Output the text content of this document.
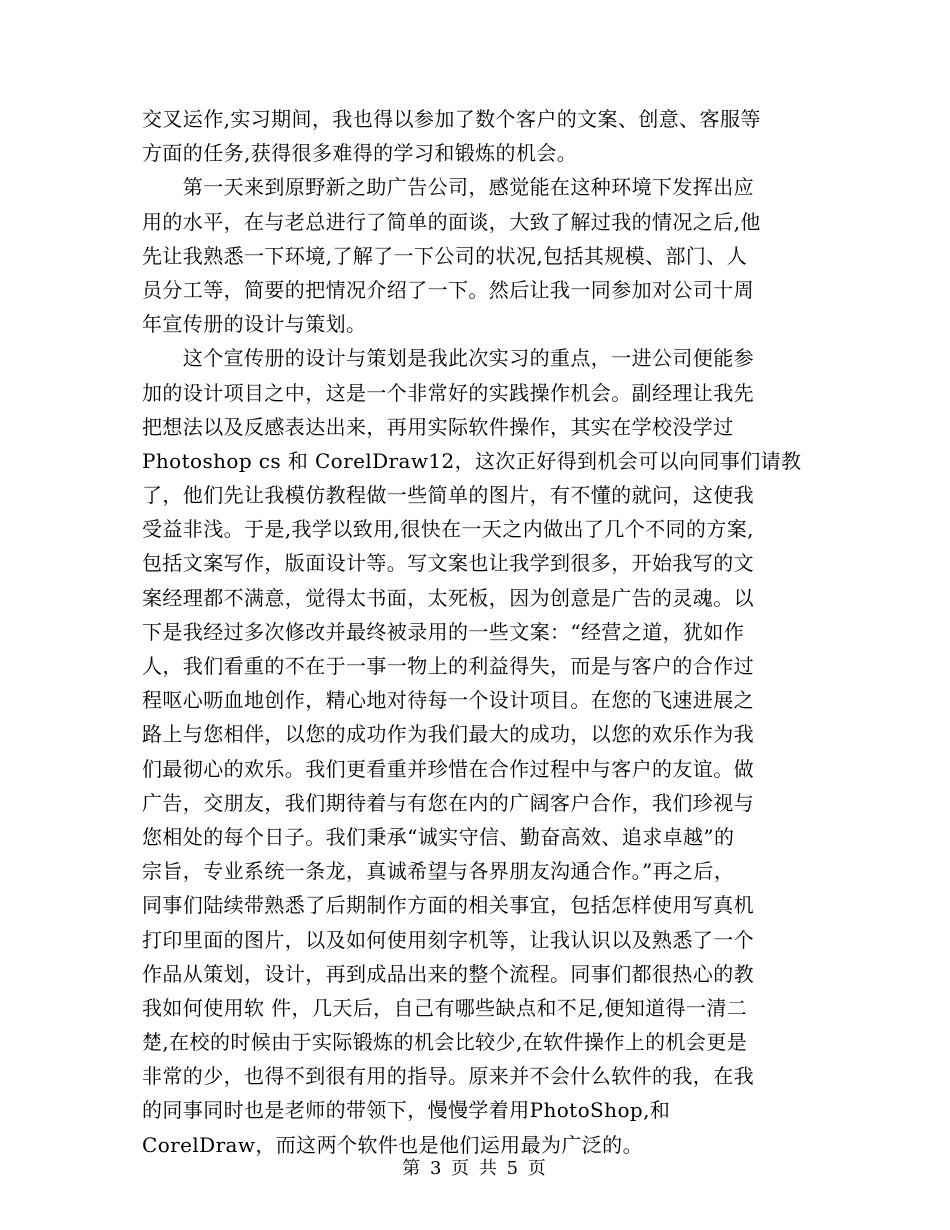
交叉运作,实习期间，我也得以参加了数个客户的文案、创意、客服等
方面的任务,获得很多难得的学习和锻炼的机会。
　　第一天来到原野新之助广告公司，感觉能在这种环境下发挥出应
用的水平，在与老总进行了简单的面谈，大致了解过我的情况之后,他
先让我熟悉一下环境,了解了一下公司的状况,包括其规模、部门、人
员分工等，简要的把情况介绍了一下。然后让我一同参加对公司十周
年宣传册的设计与策划。
　　这个宣传册的设计与策划是我此次实习的重点，一进公司便能参
加的设计项目之中，这是一个非常好的实践操作机会。副经理让我先
把想法以及反感表达出来，再用实际软件操作，其实在学校没学过
Photoshop cs 和 CorelDraw12，这次正好得到机会可以向同事们请教
了，他们先让我模仿教程做一些简单的图片，有不懂的就问，这使我
受益非浅。于是,我学以致用,很快在一天之内做出了几个不同的方案,
包括文案写作，版面设计等。写文案也让我学到很多，开始我写的文
案经理都不满意，觉得太书面，太死板，因为创意是广告的灵魂。以
下是我经过多次修改并最终被录用的一些文案：“经营之道，犹如作
人，我们看重的不在于一事一物上的利益得失，而是与客户的合作过
程呕心呖血地创作，精心地对待每一个设计项目。在您的飞速进展之
路上与您相伴，以您的成功作为我们最大的成功，以您的欢乐作为我
们最彻心的欢乐。我们更看重并珍惜在合作过程中与客户的友谊。做
广告，交朋友，我们期待着与有您在内的广阔客户合作，我们珍视与
您相处的每个日子。我们秉承“诚实守信、勤奋高效、追求卓越”的
宗旨，专业系统一条龙，真诚希望与各界朋友沟通合作。”再之后，
同事们陆续带熟悉了后期制作方面的相关事宜，包括怎样使用写真机
打印里面的图片，以及如何使用刻字机等，让我认识以及熟悉了一个
作品从策划，设计，再到成品出来的整个流程。同事们都很热心的教
我如何使用软 件，几天后，自己有哪些缺点和不足,便知道得一清二
楚,在校的时候由于实际锻炼的机会比较少,在软件操作上的机会更是
非常的少，也得不到很有用的指导。原来并不会什么软件的我，在我
的同事同时也是老师的带领下，慢慢学着用PhotoShop,和
CorelDraw，而这两个软件也是他们运用最为广泛的。
第 3 页 共 5 页
